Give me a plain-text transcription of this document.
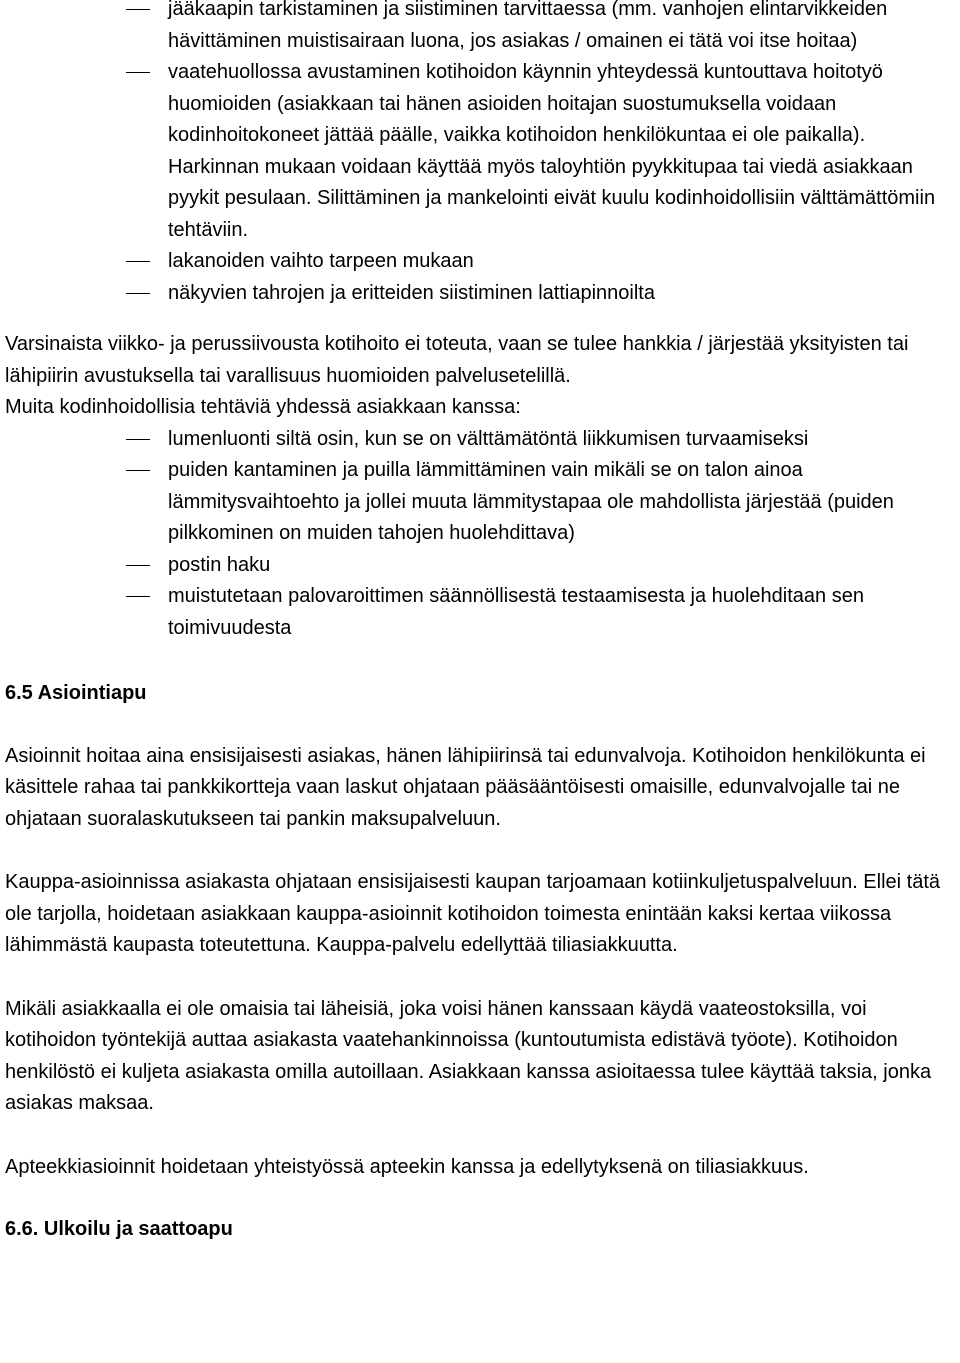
jääkaapin tarkistaminen ja siistiminen tarvittaessa (mm. vanhojen elintarvikkeiden hävittäminen muistisairaan luona, jos asiakas / omainen ei tätä voi itse hoitaa)
vaatehuollossa avustaminen kotihoidon käynnin yhteydessä kuntouttava hoitotyö huomioiden (asiakkaan tai hänen asioiden hoitajan suostumuksella voidaan kodinhoitokoneet jättää päälle, vaikka kotihoidon henkilökuntaa ei ole paikalla). Harkinnan mukaan voidaan käyttää myös taloyhtiön pyykkitupaa tai viedä asiakkaan pyykit pesulaan. Silittäminen ja mankelointi eivät kuulu kodinhoidollisiin välttämättömiin tehtäviin.
lakanoiden vaihto tarpeen mukaan
näkyvien tahrojen ja eritteiden siistiminen lattiapinnoilta

Varsinaista viikko- ja perussiivousta kotihoito ei toteuta, vaan se tulee hankkia / järjestää yksityisten tai lähipiirin avustuksella tai varallisuus huomioiden palvelusetelillä.

Muita kodinhoidollisia tehtäviä yhdessä asiakkaan kanssa:

lumenluonti siltä osin, kun se on välttämätöntä liikkumisen turvaamiseksi
puiden kantaminen ja puilla lämmittäminen vain mikäli se on talon ainoa lämmitysvaihtoehto ja jollei muuta lämmitystapaa ole mahdollista järjestää (puiden pilkkominen on muiden tahojen huolehdittava)
postin haku
muistutetaan palovaroittimen säännöllisestä testaamisesta ja huolehditaan sen toimivuudesta
6.5 Asiointiapu

Asioinnit hoitaa aina ensisijaisesti asiakas, hänen lähipiirinsä tai edunvalvoja. Kotihoidon henkilökunta ei käsittele rahaa tai pankkikortteja vaan laskut ohjataan pääsääntöisesti omaisille, edunvalvojalle tai ne ohjataan suoralaskutukseen tai pankin maksupalveluun.

Kauppa-asioinnissa asiakasta ohjataan ensisijaisesti kaupan tarjoamaan kotiinkuljetuspalveluun. Ellei tätä ole tarjolla, hoidetaan asiakkaan kauppa-asioinnit kotihoidon toimesta enintään kaksi kertaa viikossa lähimmästä kaupasta toteutettuna. Kauppa-palvelu edellyttää tiliasiakkuutta.

Mikäli asiakkaalla ei ole omaisia tai läheisiä, joka voisi hänen kanssaan käydä vaateostoksilla, voi kotihoidon työntekijä auttaa asiakasta vaatehankinnoissa (kuntoutumista edistävä työote). Kotihoidon henkilöstö ei kuljeta asiakasta omilla autoillaan. Asiakkaan kanssa asioitaessa tulee käyttää taksia, jonka asiakas maksaa.

Apteekkiasioinnit hoidetaan yhteistyössä apteekin kanssa ja edellytyksenä on tiliasiakkuus.

6.6. Ulkoilu ja saattoapu
